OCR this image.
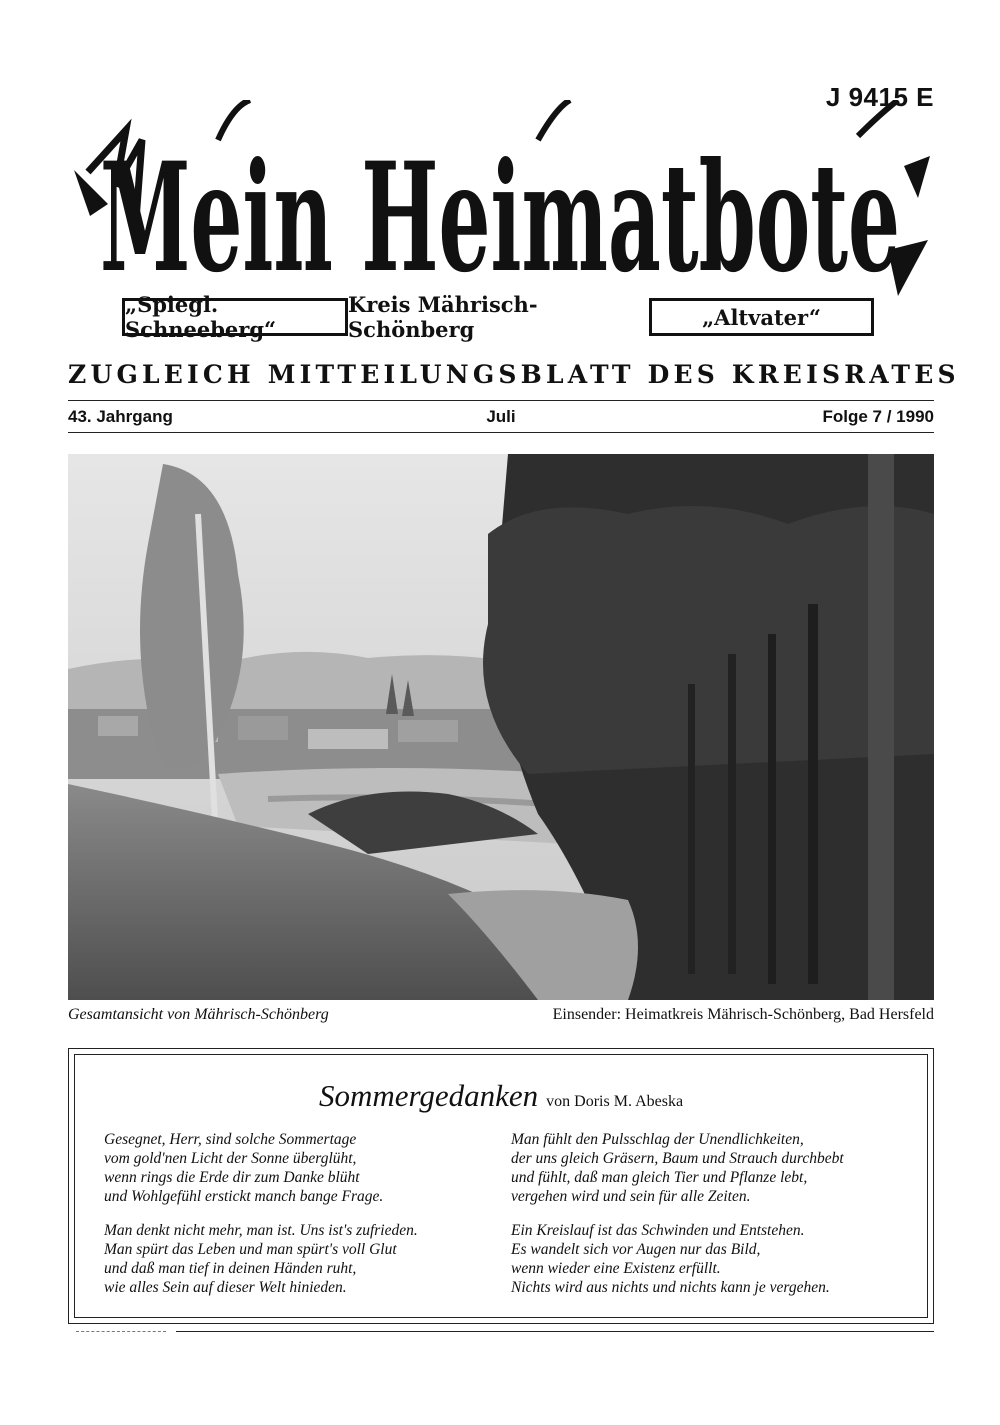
J 9415 E
Mein Heimatbote
„Spiegl. Schneeberg“
Kreis Mährisch-Schönberg	„Altvater“
ZUGLEICH MITTEILUNGSBLATT DES KREISRATES
43. Jahrgang	Juli	Folge 7 / 1990
Gesamtansicht von Mährisch-Schönberg	Einsender: Heimatkreis Mährisch-Schönberg, Bad Hersfeld
Sommergedanken von Doris M. Abeska
Gesegnet, Herr, sind solche Sommertage
vom gold'nen Licht der Sonne überglüht,
wenn rings die Erde dir zum Danke blüht
und Wohlgefühl erstickt manch bange Frage.
Man denkt nicht mehr, man ist. Uns ist's zufrieden.
Man spürt das Leben und man spürt's voll Glut
und daß man tief in deinen Händen ruht,
wie alles Sein auf dieser Welt hinieden.
Man fühlt den Pulsschlag der Unendlichkeiten,
der uns gleich Gräsern, Baum und Strauch durchbebt
und fühlt, daß man gleich Tier und Pflanze lebt,
vergehen wird und sein für alle Zeiten.
Ein Kreislauf ist das Schwinden und Entstehen.
Es wandelt sich vor Augen nur das Bild,
wenn wieder eine Existenz erfüllt.
Nichts wird aus nichts und nichts kann je vergehen.
